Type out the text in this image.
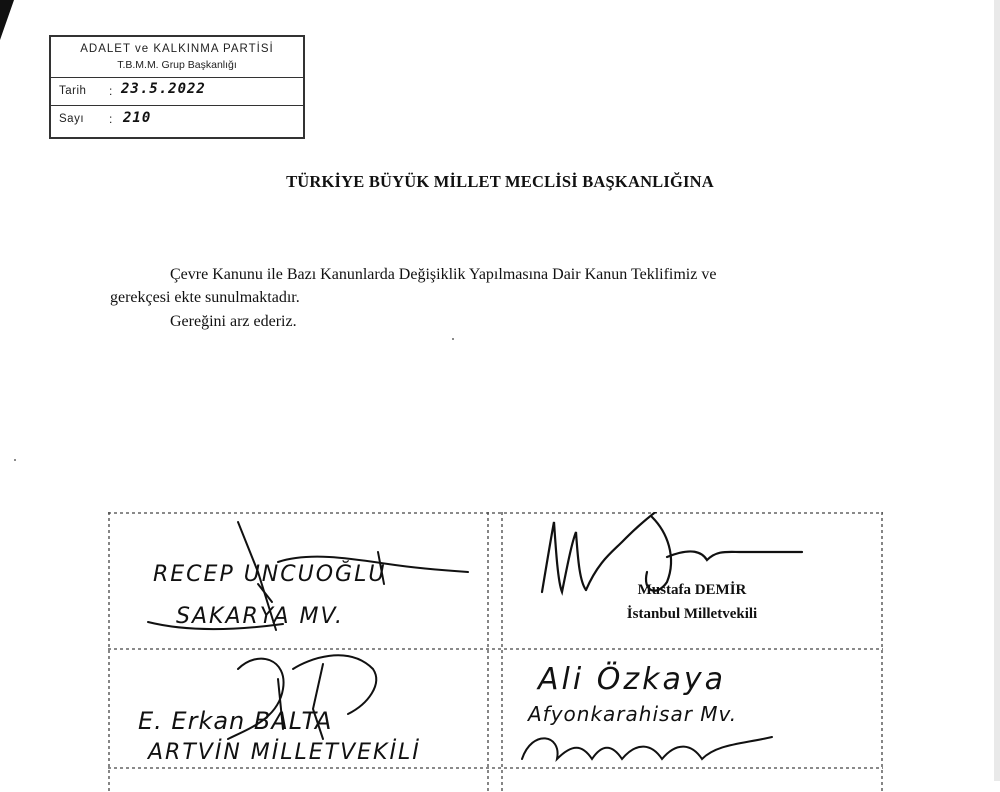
ADALET ve KALKINMA PARTİSİ
T.B.M.M. Grup Başkanlığı
Tarih : 23.5.2022
Sayı : 210
TÜRKİYE BÜYÜK MİLLET MECLİSİ BAŞKANLIĞINA
Çevre Kanunu ile Bazı Kanunlarda Değişiklik Yapılmasına Dair Kanun Teklifimiz ve
gerekçesi ekte sunulmaktadır.
Gereğini arz ederiz.
RECEP UNCUOĞLU
SAKARYA MV.
Mustafa DEMİR
İstanbul Milletvekili
E. Erkan BALTA
ARTVİN MİLLETVEKİLİ
Ali Özkaya
Afyonkarahisar Mv.
